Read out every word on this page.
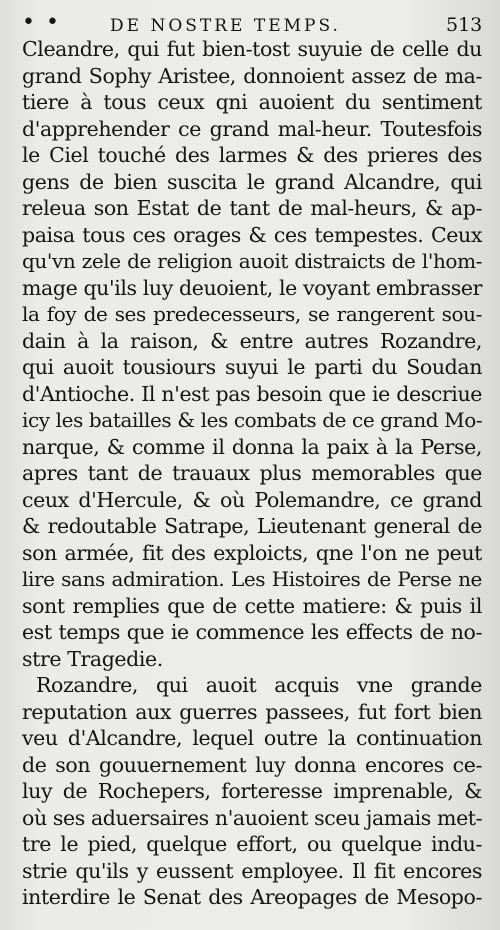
• •	DE NOSTRE TEMPS.	513
Cleandre, qui fut bien-tost suyuie de celle du
grand Sophy Aristee, donnoient assez de ma-
tiere à tous ceux qni auoient du sentiment
d'apprehender ce grand mal-heur. Toutesfois
le Ciel touché des larmes & des prieres des
gens de bien suscita le grand Alcandre, qui
releua son Estat de tant de mal-heurs, & ap-
paisa tous ces orages & ces tempestes. Ceux
qu'vn zele de religion auoit distraicts de l'hom-
mage qu'ils luy deuoient, le voyant embrasser
la foy de ses predecesseurs, se rangerent sou-
dain à la raison, & entre autres Rozandre,
qui auoit tousiours suyui le parti du Soudan
d'Antioche. Il n'est pas besoin que ie descriue
icy les batailles & les combats de ce grand Mo-
narque, & comme il donna la paix à la Perse,
apres tant de trauaux plus memorables que
ceux d'Hercule, & où Polemandre, ce grand
& redoutable Satrape, Lieutenant general de
son armée, fit des exploicts, qne l'on ne peut
lire sans admiration. Les Histoires de Perse ne
sont remplies que de cette matiere: & puis il
est temps que ie commence les effects de no-
stre Tragedie.
Rozandre, qui auoit acquis vne grande
reputation aux guerres passees, fut fort bien
veu d'Alcandre, lequel outre la continuation
de son gouuernement luy donna encores ce-
luy de Rochepers, forteresse imprenable, &
où ses aduersaires n'auoient sceu jamais met-
tre le pied, quelque effort, ou quelque indu-
strie qu'ils y eussent employee. Il fit encores
interdire le Senat des Areopages de Mesopo-
